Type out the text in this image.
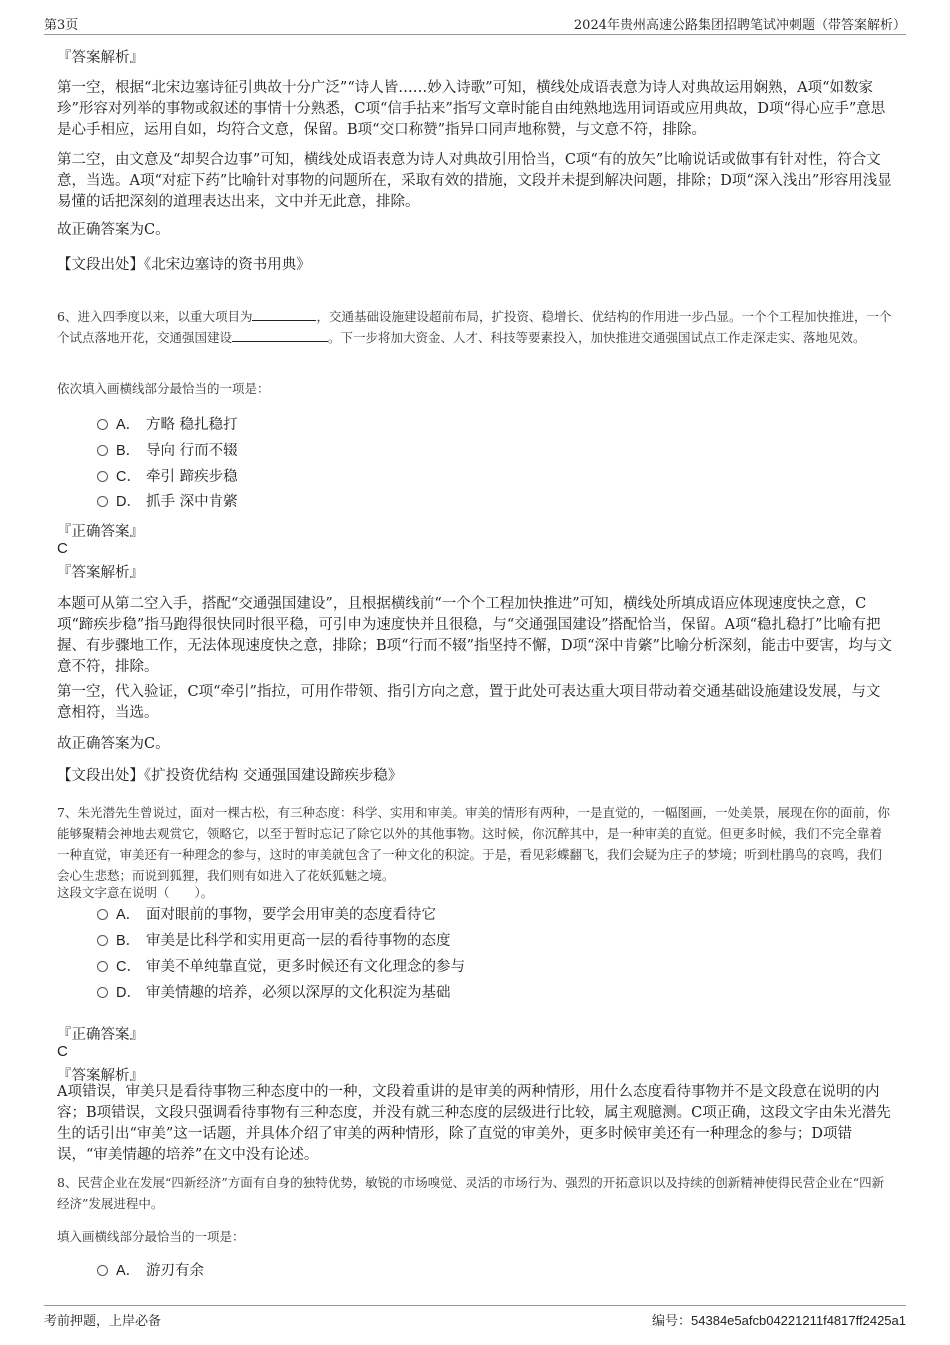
第3页	2024年贵州高速公路集团招聘笔试冲刺题（带答案解析）
『答案解析』
第一空，根据“北宋边塞诗征引典故十分广泛”“诗人皆……妙入诗歌”可知，横线处成语表意为诗人对典故运用娴熟，A项“如数家珍”形容对列举的事物或叙述的事情十分熟悉，C项“信手拈来”指写文章时能自由纯熟地选用词语或应用典故，D项“得心应手”意思是心手相应，运用自如，均符合文意，保留。B项“交口称赞”指异口同声地称赞，与文意不符，排除。
第二空，由文意及“却契合边事”可知，横线处成语表意为诗人对典故引用恰当，C项“有的放矢”比喻说话或做事有针对性，符合文意，当选。A项“对症下药”比喻针对事物的问题所在，采取有效的措施，文段并未提到解决问题，排除；D项“深入浅出”形容用浅显易懂的话把深刻的道理表达出来，文中并无此意，排除。
故正确答案为C。
【文段出处】《北宋边塞诗的资书用典》
6、进入四季度以来，以重大项目为	，交通基础设施建设超前布局，扩投资、稳增长、优结构的作用进一步凸显。一个个工程加快推进，一个个试点落地开花，交通强国建设	。下一步将加大资金、人才、科技等要素投入，加快推进交通强国试点工作走深走实、落地见效。
依次填入画横线部分最恰当的一项是：
A． 方略 稳扎稳打
B． 导向 行而不辍
C． 牵引 蹄疾步稳
D． 抓手 深中肯綮
『正确答案』
C
『答案解析』
本题可从第二空入手，搭配“交通强国建设”，且根据横线前“一个个工程加快推进”可知，横线处所填成语应体现速度快之意，C项“蹄疾步稳”指马跑得很快同时很平稳，可引申为速度快并且很稳，与“交通强国建设”搭配恰当，保留。A项“稳扎稳打”比喻有把握、有步骤地工作，无法体现速度快之意，排除；B项“行而不辍”指坚持不懈，D项“深中肯綮”比喻分析深刻，能击中要害，均与文意不符，排除。
第一空，代入验证，C项“牵引”指拉，可用作带领、指引方向之意，置于此处可表达重大项目带动着交通基础设施建设发展，与文意相符，当选。
故正确答案为C。
【文段出处】《扩投资优结构 交通强国建设蹄疾步稳》
7、朱光潜先生曾说过，面对一棵古松，有三种态度：科学、实用和审美。审美的情形有两种，一是直觉的，一幅图画，一处美景，展现在你的面前，你能够聚精会神地去观赏它，领略它，以至于暂时忘记了除它以外的其他事物。这时候，你沉醉其中，是一种审美的直觉。但更多时候，我们不完全靠着一种直觉，审美还有一种理念的参与，这时的审美就包含了一种文化的积淀。于是，看见彩蝶翻飞，我们会疑为庄子的梦境；听到杜鹃鸟的哀鸣，我们会心生悲愁；而说到狐狸，我们则有如进入了花妖狐魅之境。
这段文字意在说明（　　）。
A． 面对眼前的事物，要学会用审美的态度看待它
B． 审美是比科学和实用更高一层的看待事物的态度
C． 审美不单纯靠直觉，更多时候还有文化理念的参与
D． 审美情趣的培养，必须以深厚的文化积淀为基础
『正确答案』
C
『答案解析』
A项错误，审美只是看待事物三种态度中的一种，文段着重讲的是审美的两种情形，用什么态度看待事物并不是文段意在说明的内容；B项错误，文段只强调看待事物有三种态度，并没有就三种态度的层级进行比较，属主观臆测。C项正确，这段文字由朱光潜先生的话引出“审美”这一话题，并具体介绍了审美的两种情形，除了直觉的审美外，更多时候审美还有一种理念的参与；D项错误，“审美情趣的培养”在文中没有论述。
8、民营企业在发展“四新经济”方面有自身的独特优势，敏锐的市场嗅觉、灵活的市场行为、强烈的开拓意识以及持续的创新精神使得民营企业在“四新经济”发展进程中。
填入画横线部分最恰当的一项是：
A． 游刃有余
考前押题，上岸必备	编号：54384e5afcb04221211f4817ff2425a1
